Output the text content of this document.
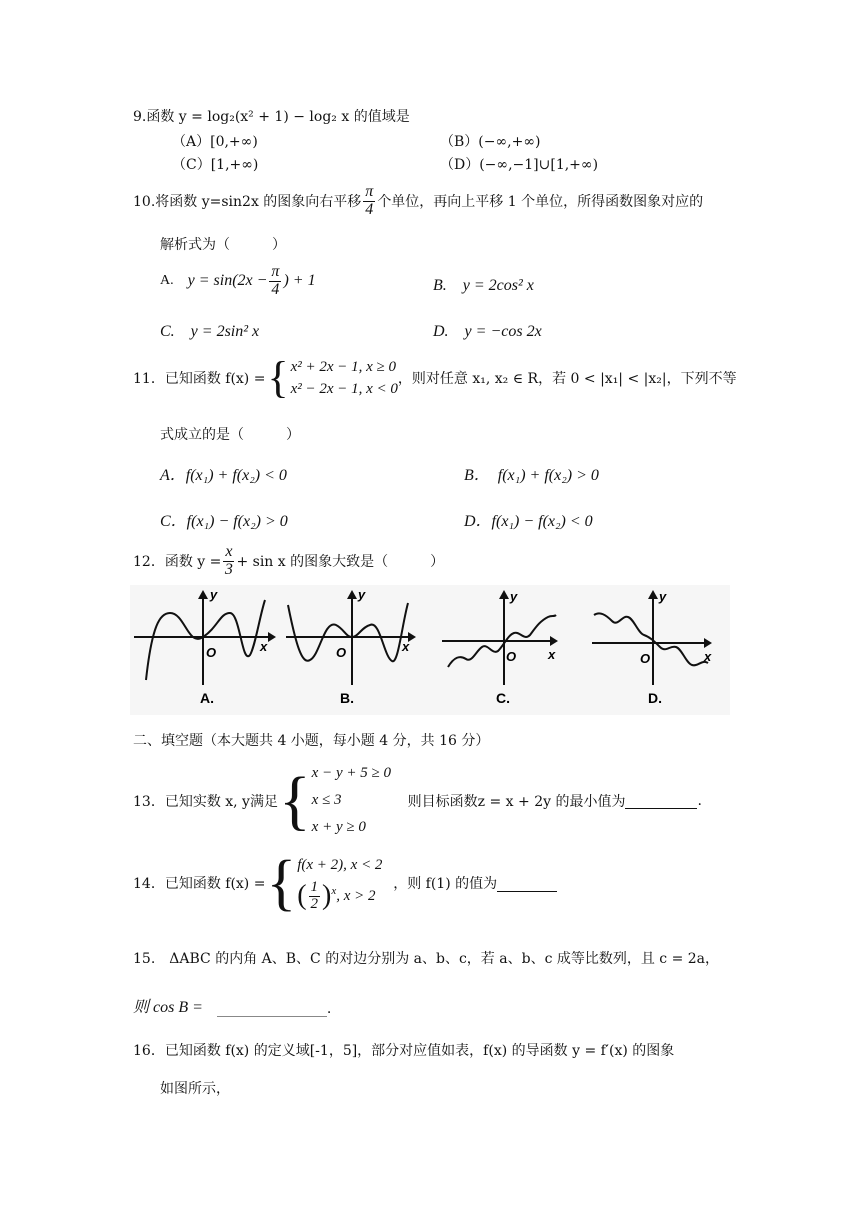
9.函数 y = log₂(x² + 1) − log₂ x 的值域是
（A）[0,+∞)	（B）(−∞,+∞)
（C）[1,+∞)	（D）(−∞,−1]∪[1,+∞)
10.将函数 y=sin2x 的图象向右平移 $\frac{\pi}{4}$ 个单位，再向上平移 1 个单位，所得函数图象对应的
解析式为（　　　）
A. $y = \sin(2x - \frac{\pi}{4}$ ) + 1	B.　y = 2cos² x
C.　y = 2sin² x	D.　y = −cos 2x
11．已知函数 f(x) = { x² + 2x − 1, x ≥ 0
x² − 2x − 1, x < 0
，则对任意 x₁, x₂ ∈ R，若 0 < |x₁| < |x₂|，下列不等
式成立的是（　　　）
A．f(x₁) + f(x₂) < 0	B．　f(x₁) + f(x₂) > 0
C．f(x₁) − f(x₂) > 0	D．f(x₁) − f(x₂) < 0
12．函数 $y = \frac{x}{3} + \sin x$ 的图象大致是（　　　）
y
x
O
A.
y
x
O
B.
y
x
O
C.
y
x
O
D.
二、填空题（本大题共 4 小题，每小题 4 分，共 16 分）
13．已知实数 x, y满足 { x − y + 5 ≥ 0
x ≤ 3
x + y ≥ 0
则目标函数z = x + 2y 的最小值为	.
14．已知函数 f(x) = { f(x + 2), x < 2
( $\frac{1}{2} )^x$ , x > 2
，则 f(1) 的值为
15.　ΔABC 的内角 A、B、C 的对边分别为 a、b、c，若 a、b、c 成等比数列，且 c = 2a，
则 cos B =	.
16．已知函数 f(x) 的定义域[-1，5]，部分对应值如表，f(x) 的导函数 y = f′(x) 的图象
如图所示，
